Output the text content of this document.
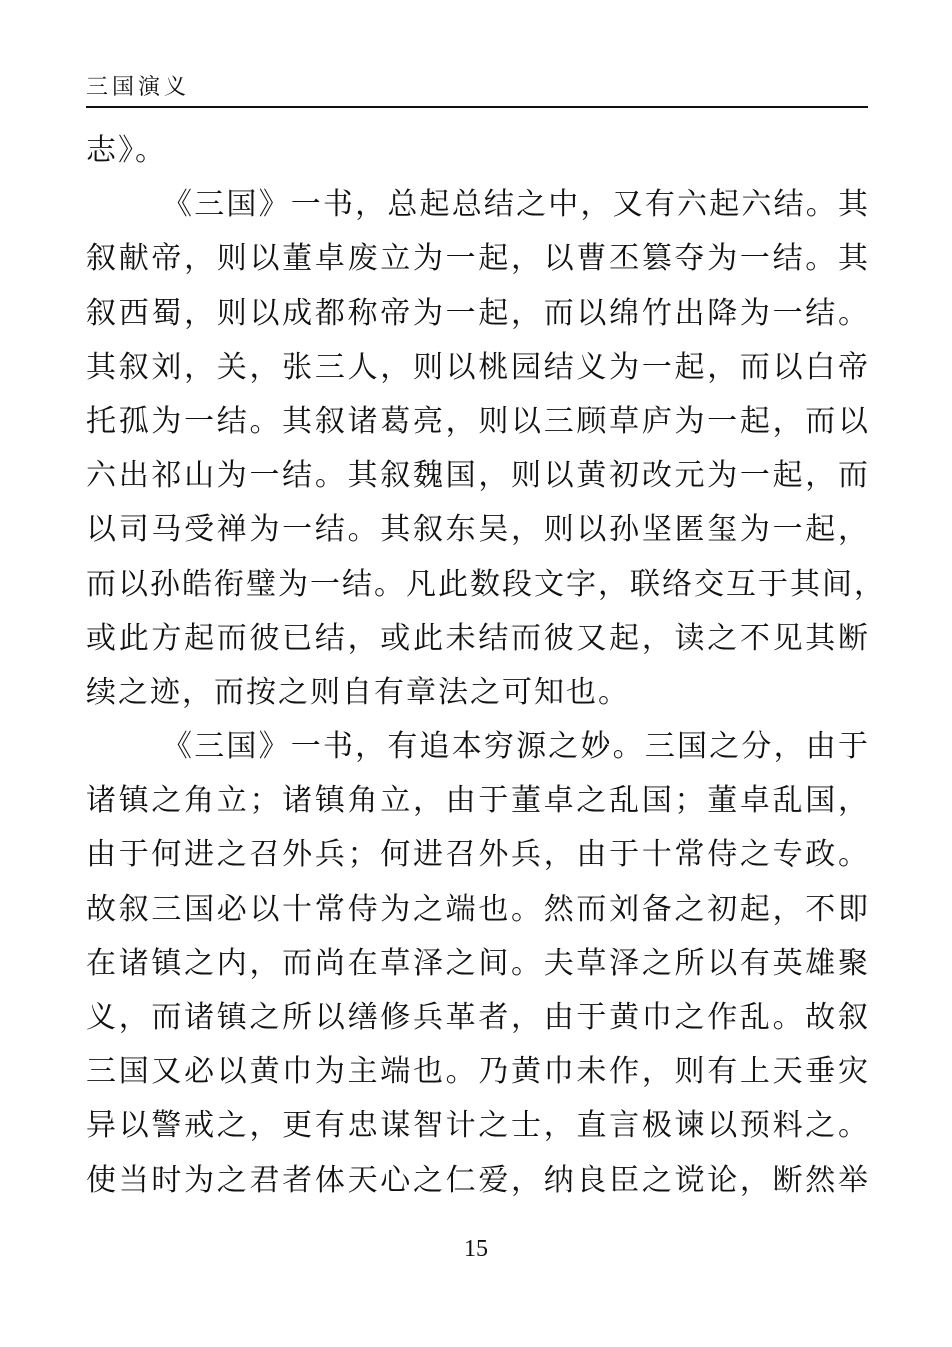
三国演义
志》。
《三国》一书，总起总结之中，又有六起六结。其
叙献帝，则以董卓废立为一起，以曹丕篡夺为一结。其
叙西蜀，则以成都称帝为一起，而以绵竹出降为一结。
其叙刘，关，张三人，则以桃园结义为一起，而以白帝
托孤为一结。其叙诸葛亮，则以三顾草庐为一起，而以
六出祁山为一结。其叙魏国，则以黄初改元为一起，而
以司马受禅为一结。其叙东吴，则以孙坚匿玺为一起，
而以孙皓衔璧为一结。凡此数段文字，联络交互于其间，
或此方起而彼已结，或此未结而彼又起，读之不见其断
续之迹，而按之则自有章法之可知也。
《三国》一书，有追本穷源之妙。三国之分，由于
诸镇之角立；诸镇角立，由于董卓之乱国；董卓乱国，
由于何进之召外兵；何进召外兵，由于十常侍之专政。
故叙三国必以十常侍为之端也。然而刘备之初起，不即
在诸镇之内，而尚在草泽之间。夫草泽之所以有英雄聚
义，而诸镇之所以缮修兵革者，由于黄巾之作乱。故叙
三国又必以黄巾为主端也。乃黄巾未作，则有上天垂灾
异以警戒之，更有忠谋智计之士，直言极谏以预料之。
使当时为之君者体天心之仁爱，纳良臣之谠论，断然举
15
